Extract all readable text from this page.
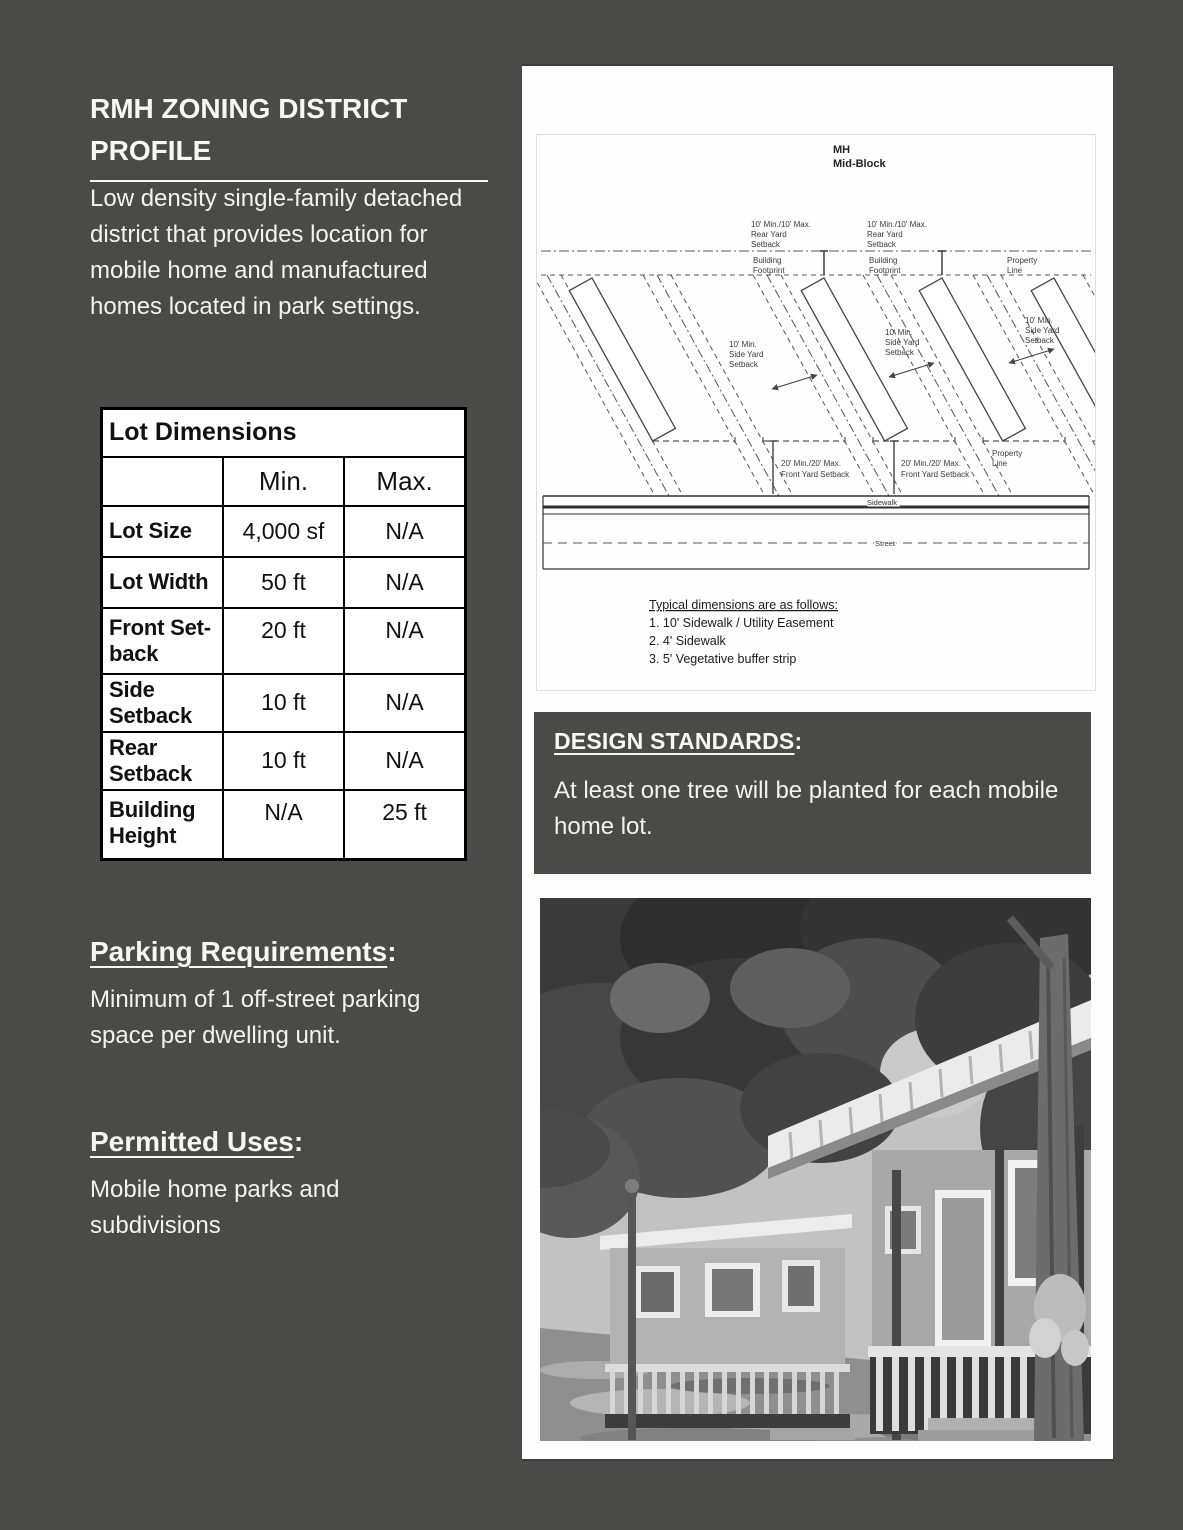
RMH ZONING DISTRICT
PROFILE
Low density single-family detached district that provides location for mobile home and manufactured homes located in park settings.
Lot Dimensions		
	Min.	Max.
Lot Size	4,000 sf	N/A
Lot Width	50 ft	N/A
Front Set-back	20 ft	N/A
Side Setback	10 ft	N/A
Rear Setback	10 ft	N/A
Building Height	N/A	25 ft
Parking Requirements:
Minimum of 1 off-street parking space per dwelling unit.
Permitted Uses:
Mobile home parks and subdivisions
MH
Mid-Block
10' Min./10' Max.
Rear Yard
Setback
10' Min./10' Max.
Rear Yard
Setback
Building
Footprint
Building
Footprint
Property
Line
10' Min.
Side Yard
Setback
10' Min.
Side Yard
Setback
10' Min.
Side Yard
Setback
20' Min./20' Max.
Front Yard Setback
20' Min./20' Max.
Front Yard Setback
Property
Line
Sidewalk
Street
Typical dimensions are as follows:
1. 10' Sidewalk / Utility Easement
2. 4' Sidewalk
3. 5' Vegetative buffer strip
DESIGN STANDARDS:
At least one tree will be planted for each mobile home lot.
